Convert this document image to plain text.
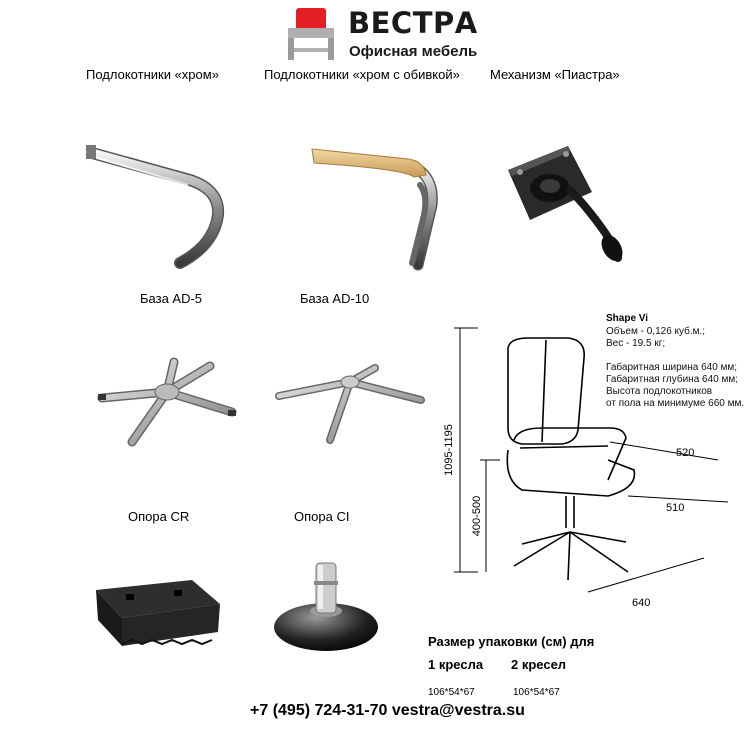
ВЕСТРА
Офисная мебель
Подлокотники «хром»	Подлокотники «хром с обивкой» Механизм «Пиастра»
База AD-5	База AD-10
Опора CR	Опора CI
1095-1195
400-500
520
510
640
Shape Vi
Объем - 0,126 куб.м.;
Вес - 19.5 кг;
Габаритная ширина 640 мм;
Габаритная глубина 640 мм;
Высота подлокотников
от пола на минимуме 660 мм.
Размер упаковки (см) для
1 кресла 2 кресел
106*54*67	106*54*67
+7 (495) 724-31-70 vestra@vestra.su
